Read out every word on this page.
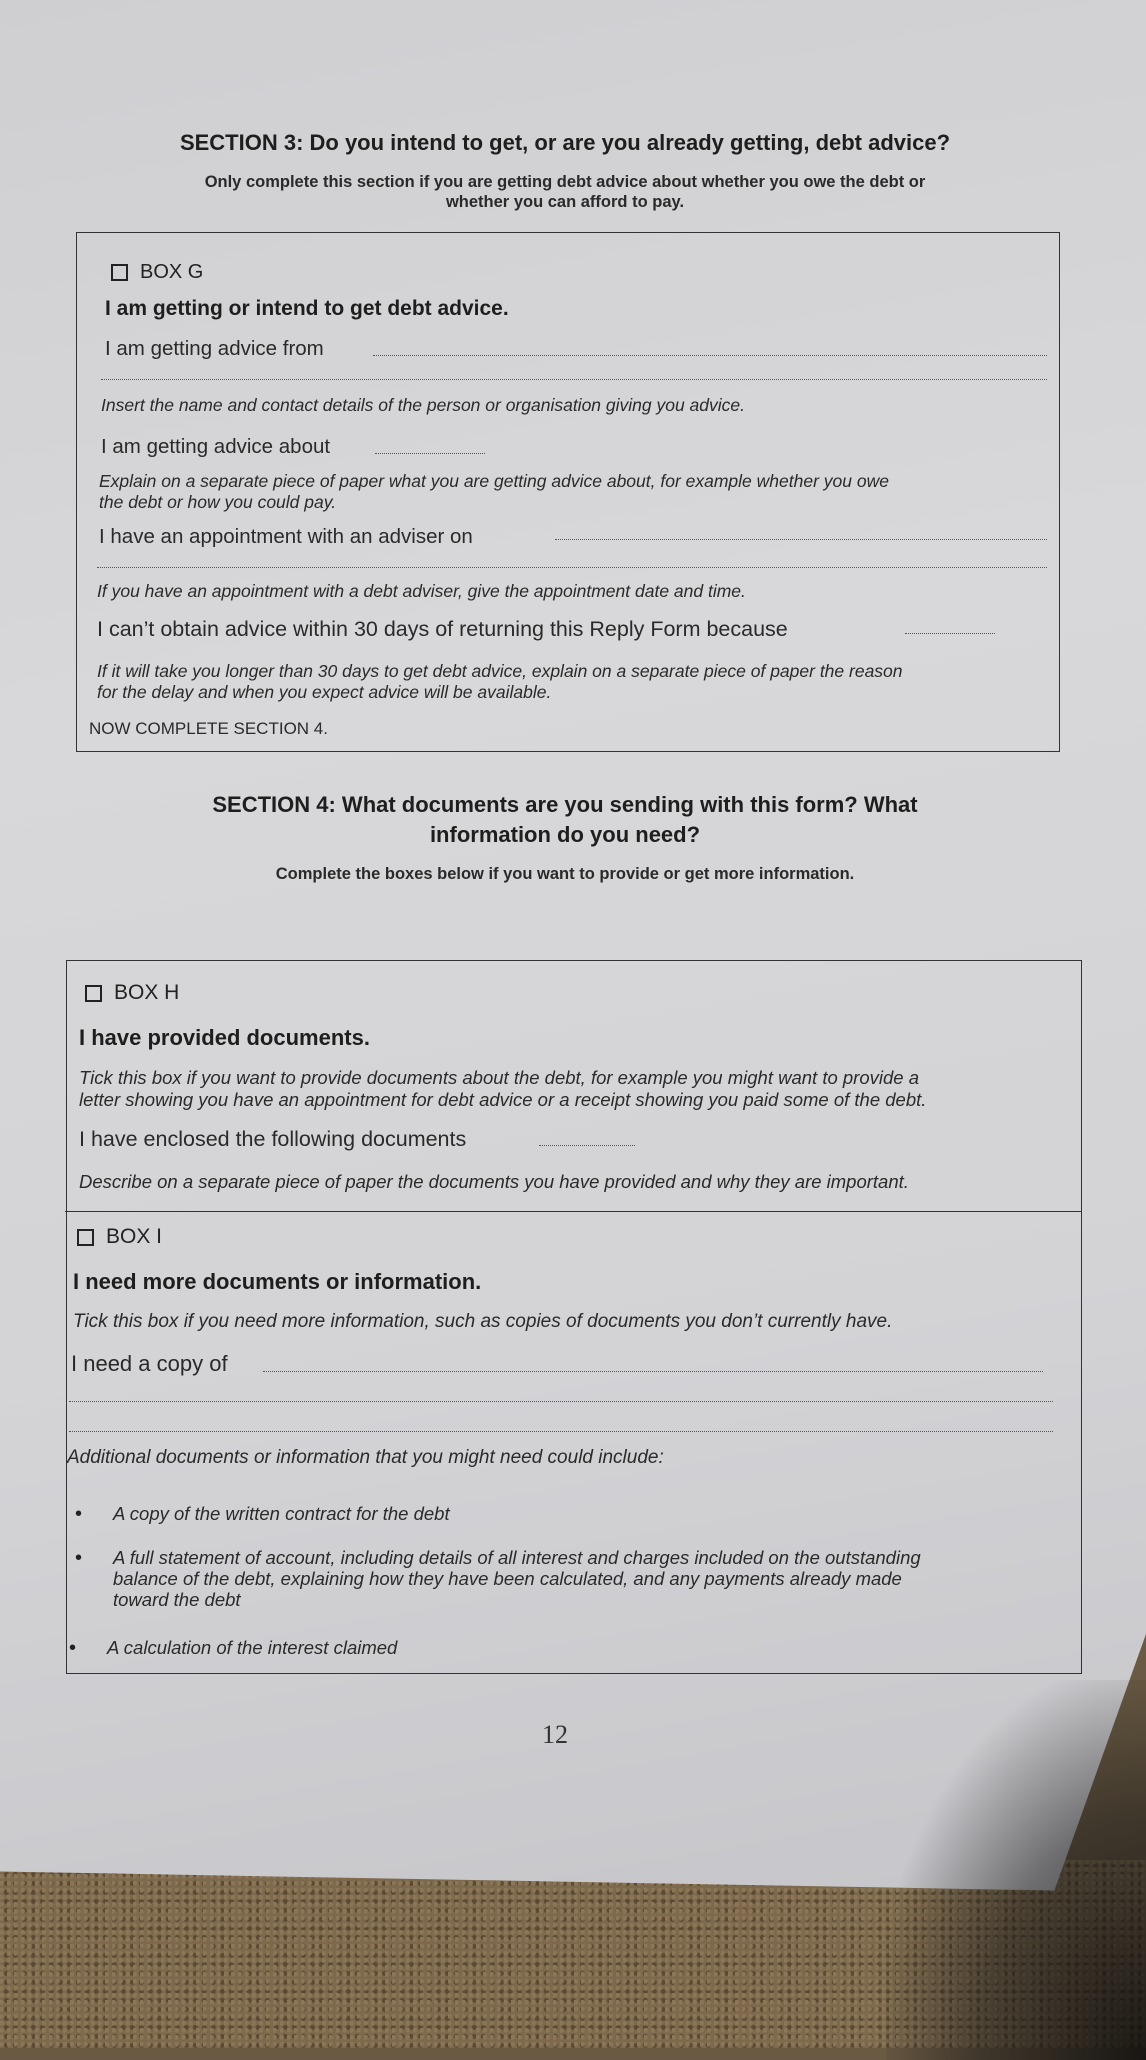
SECTION 3: Do you intend to get, or are you already getting, debt advice?
Only complete this section if you are getting debt advice about whether you owe the debt or
whether you can afford to pay.
BOX G
I am getting or intend to get debt advice.
I am getting advice from
Insert the name and contact details of the person or organisation giving you advice.
I am getting advice about
Explain on a separate piece of paper what you are getting advice about, for example whether you owe
the debt or how you could pay.
I have an appointment with an adviser on
If you have an appointment with a debt adviser, give the appointment date and time.
I can’t obtain advice within 30 days of returning this Reply Form because
If it will take you longer than 30 days to get debt advice, explain on a separate piece of paper the reason
for the delay and when you expect advice will be available.
NOW COMPLETE SECTION 4.
SECTION 4: What documents are you sending with this form? What
information do you need?
Complete the boxes below if you want to provide or get more information.
BOX H
I have provided documents.
Tick this box if you want to provide documents about the debt, for example you might want to provide a
letter showing you have an appointment for debt advice or a receipt showing you paid some of the debt.
I have enclosed the following documents
Describe on a separate piece of paper the documents you have provided and why they are important.
BOX I
I need more documents or information.
Tick this box if you need more information, such as copies of documents you don’t currently have.
I need a copy of
Additional documents or information that you might need could include:
• A copy of the written contract for the debt
• A full statement of account, including details of all interest and charges included on the outstanding
balance of the debt, explaining how they have been calculated, and any payments already made
toward the debt
• A calculation of the interest claimed
12
